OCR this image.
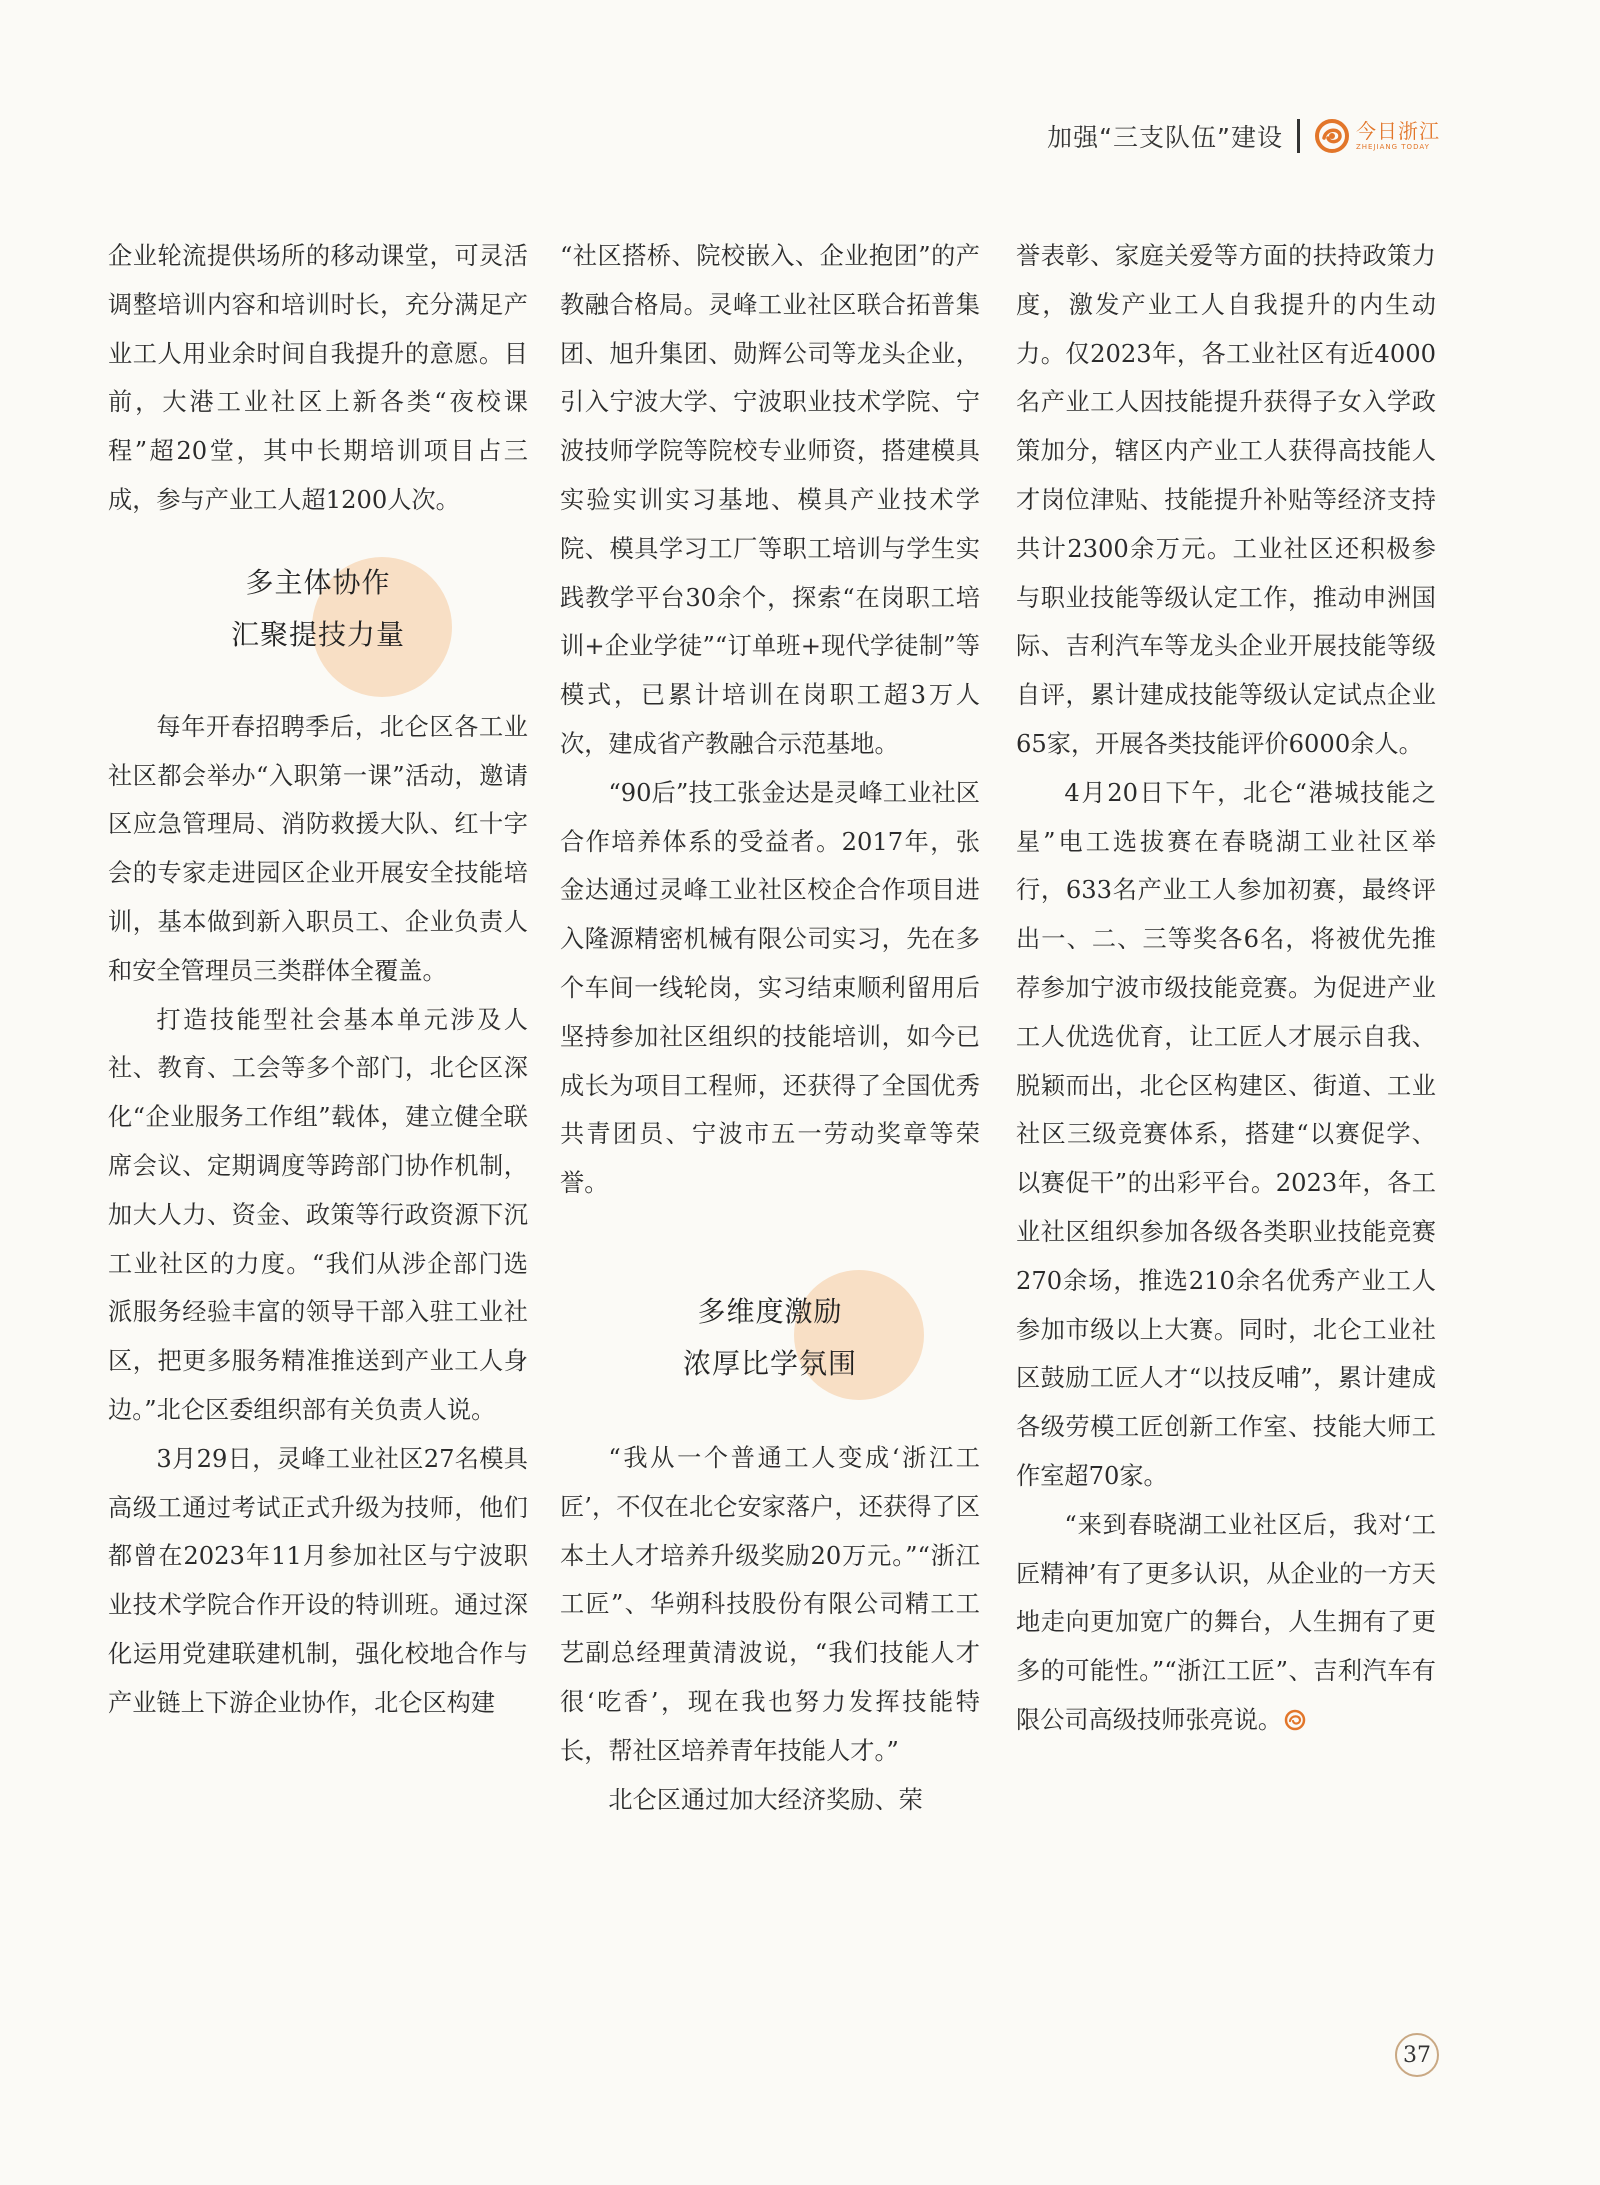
加强“三支队伍”建设	今日浙江
ZHEJIANG TODAY

企业轮流提供场所的移动课堂，可灵活调整培训内容和培训时长，充分满足产业工人用业余时间自我提升的意愿。目前，大港工业社区上新各类“夜校课程”超20堂，其中长期培训项目占三成，参与产业工人超1200人次。

多主体协作
汇聚提技力量

每年开春招聘季后，北仑区各工业社区都会举办“入职第一课”活动，邀请区应急管理局、消防救援大队、红十字会的专家走进园区企业开展安全技能培训，基本做到新入职员工、企业负责人和安全管理员三类群体全覆盖。

打造技能型社会基本单元涉及人社、教育、工会等多个部门，北仑区深化“企业服务工作组”载体，建立健全联席会议、定期调度等跨部门协作机制，加大人力、资金、政策等行政资源下沉工业社区的力度。“我们从涉企部门选派服务经验丰富的领导干部入驻工业社区，把更多服务精准推送到产业工人身边。”北仑区委组织部有关负责人说。

3月29日，灵峰工业社区27名模具高级工通过考试正式升级为技师，他们都曾在2023年11月参加社区与宁波职业技术学院合作开设的特训班。通过深化运用党建联建机制，强化校地合作与产业链上下游企业协作，北仑区构建

“社区搭桥、院校嵌入、企业抱团”的产教融合格局。灵峰工业社区联合拓普集团、旭升集团、勋辉公司等龙头企业，引入宁波大学、宁波职业技术学院、宁波技师学院等院校专业师资，搭建模具实验实训实习基地、模具产业技术学院、模具学习工厂等职工培训与学生实践教学平台30余个，探索“在岗职工培训+企业学徒”“订单班+现代学徒制”等模式，已累计培训在岗职工超3万人次，建成省产教融合示范基地。

“90后”技工张金达是灵峰工业社区合作培养体系的受益者。2017年，张金达通过灵峰工业社区校企合作项目进入隆源精密机械有限公司实习，先在多个车间一线轮岗，实习结束顺利留用后坚持参加社区组织的技能培训，如今已成长为项目工程师，还获得了全国优秀共青团员、宁波市五一劳动奖章等荣誉。

多维度激励
浓厚比学氛围

“我从一个普通工人变成‘浙江工匠’，不仅在北仑安家落户，还获得了区本土人才培养升级奖励20万元。”“浙江工匠”、华朔科技股份有限公司精工工艺副总经理黄清波说，“我们技能人才很‘吃香’，现在我也努力发挥技能特长，帮社区培养青年技能人才。”

北仑区通过加大经济奖励、荣

誉表彰、家庭关爱等方面的扶持政策力度，激发产业工人自我提升的内生动力。仅2023年，各工业社区有近4000名产业工人因技能提升获得子女入学政策加分，辖区内产业工人获得高技能人才岗位津贴、技能提升补贴等经济支持共计2300余万元。工业社区还积极参与职业技能等级认定工作，推动申洲国际、吉利汽车等龙头企业开展技能等级自评，累计建成技能等级认定试点企业65家，开展各类技能评价6000余人。

4月20日下午，北仑“港城技能之星”电工选拔赛在春晓湖工业社区举行，633名产业工人参加初赛，最终评出一、二、三等奖各6名，将被优先推荐参加宁波市级技能竞赛。为促进产业工人优选优育，让工匠人才展示自我、脱颖而出，北仑区构建区、街道、工业社区三级竞赛体系，搭建“以赛促学、以赛促干”的出彩平台。2023年，各工业社区组织参加各级各类职业技能竞赛270余场，推选210余名优秀产业工人参加市级以上大赛。同时，北仑工业社区鼓励工匠人才“以技反哺”，累计建成各级劳模工匠创新工作室、技能大师工作室超70家。

“来到春晓湖工业社区后，我对‘工匠精神’有了更多认识，从企业的一方天地走向更加宽广的舞台，人生拥有了更多的可能性。”“浙江工匠”、吉利汽车有限公司高级技师张亮说。

37
